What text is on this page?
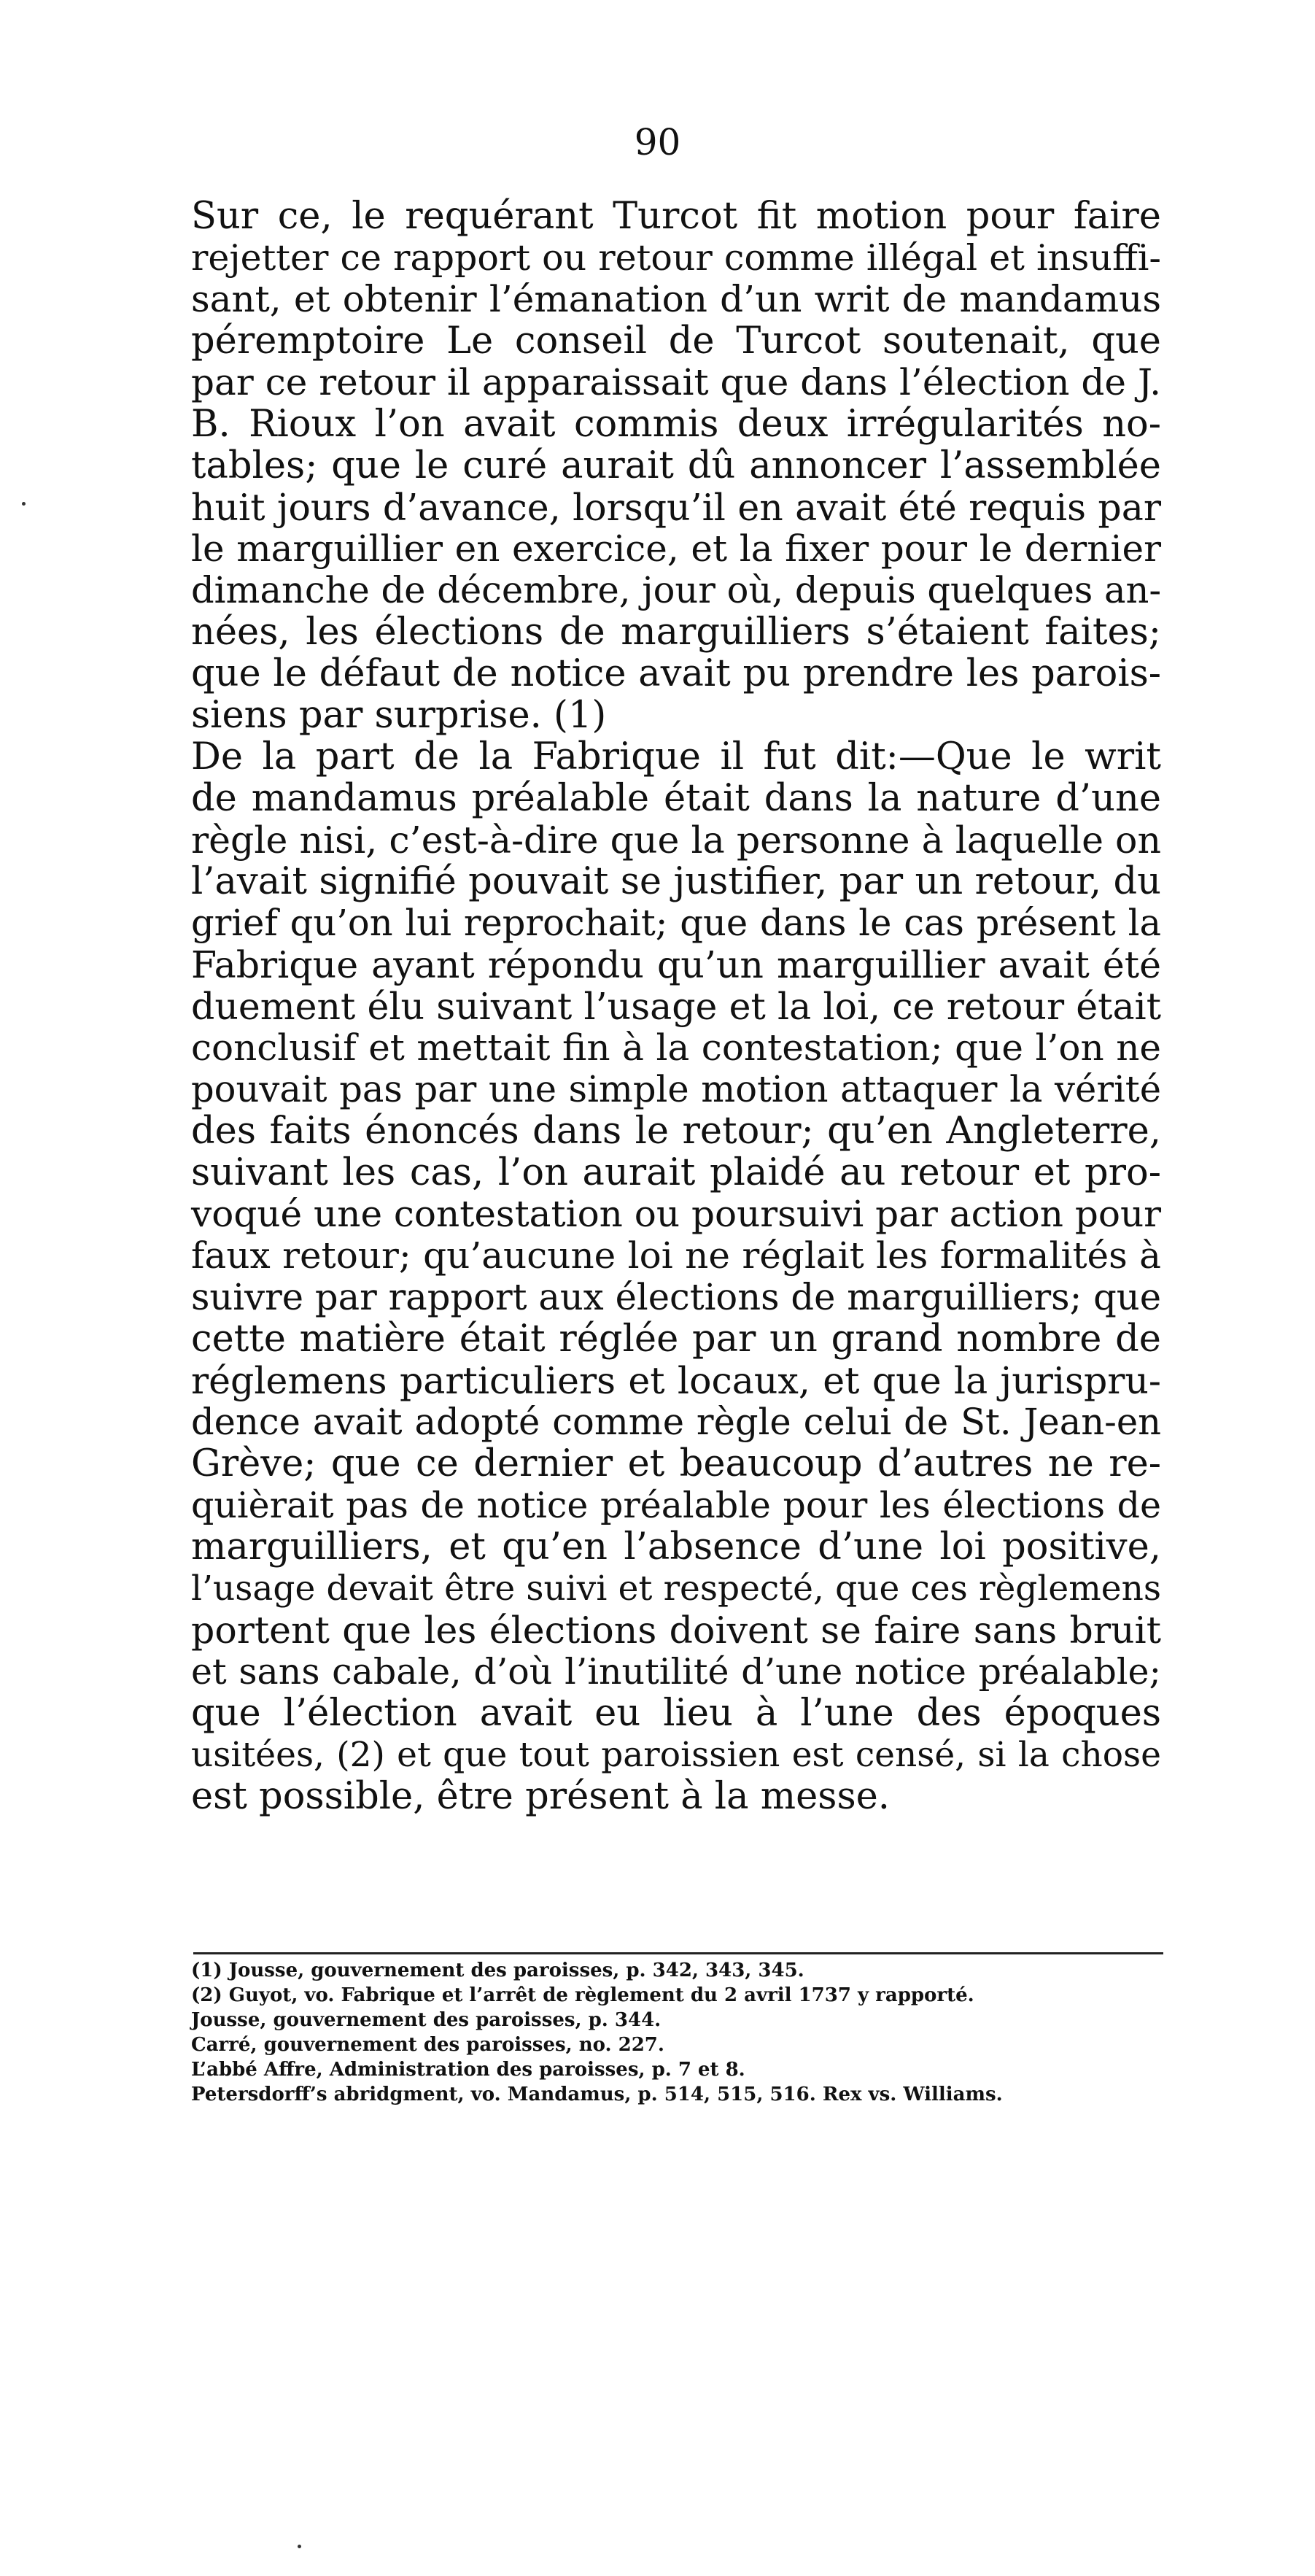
90
Sur ce, le requérant Turcot fit motion pour faire
rejetter ce rapport ou retour comme illégal et insuffi-
sant, et obtenir l’émanation d’un writ de mandamus
péremptoire Le conseil de Turcot soutenait, que
par ce retour il apparaissait que dans l’élection de J.
B. Rioux l’on avait commis deux irrégularités no-
tables; que le curé aurait dû annoncer l’assemblée
huit jours d’avance, lorsqu’il en avait été requis par
le marguillier en exercice, et la fixer pour le dernier
dimanche de décembre, jour où, depuis quelques an-
nées, les élections de marguilliers s’étaient faites;
que le défaut de notice avait pu prendre les parois-
siens par surprise. (1)
De la part de la Fabrique il fut dit:—Que le writ
de mandamus préalable était dans la nature d’une
règle nisi, c’est-à-dire que la personne à laquelle on
l’avait signifié pouvait se justifier, par un retour, du
grief qu’on lui reprochait; que dans le cas présent la
Fabrique ayant répondu qu’un marguillier avait été
duement élu suivant l’usage et la loi, ce retour était
conclusif et mettait fin à la contestation; que l’on ne
pouvait pas par une simple motion attaquer la vérité
des faits énoncés dans le retour; qu’en Angleterre,
suivant les cas, l’on aurait plaidé au retour et pro-
voqué une contestation ou poursuivi par action pour
faux retour; qu’aucune loi ne réglait les formalités à
suivre par rapport aux élections de marguilliers; que
cette matière était réglée par un grand nombre de
réglemens particuliers et locaux, et que la jurispru-
dence avait adopté comme règle celui de St. Jean-en
Grève; que ce dernier et beaucoup d’autres ne re-
quièrait pas de notice préalable pour les élections de
marguilliers, et qu’en l’absence d’une loi positive,
l’usage devait être suivi et respecté, que ces règlemens
portent que les élections doivent se faire sans bruit
et sans cabale, d’où l’inutilité d’une notice préalable;
que l’élection avait eu lieu à l’une des époques
usitées, (2) et que tout paroissien est censé, si la chose
est possible, être présent à la messe.
(1) Jousse, gouvernement des paroisses, p. 342, 343, 345.
(2) Guyot, vo. Fabrique et l’arrêt de règlement du 2 avril 1737 y rapporté.
Jousse, gouvernement des paroisses, p. 344.
Carré, gouvernement des paroisses, no. 227.
L’abbé Affre, Administration des paroisses, p. 7 et 8.
Petersdorff’s abridgment, vo. Mandamus, p. 514, 515, 516. Rex vs. Williams.
